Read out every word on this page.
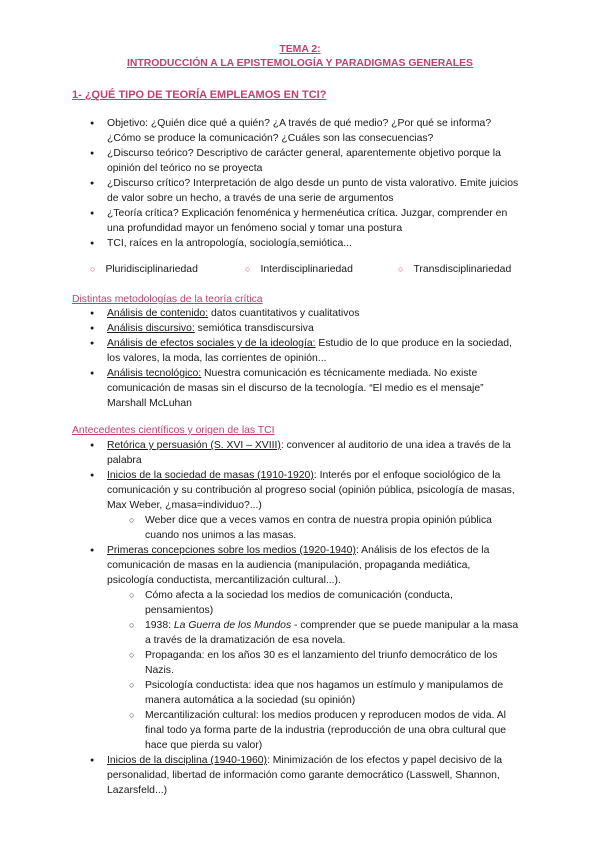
TEMA 2:
INTRODUCCIÓN A LA EPISTEMOLOGÍA Y PARADIGMAS GENERALES
1- ¿QUÉ TIPO DE TEORÍA EMPLEAMOS EN TCI?
● Objetivo: ¿Quién dice qué a quién? ¿A través de qué medio? ¿Por qué se informa? ¿Cómo se produce la comunicación? ¿Cuáles son las consecuencias?
● ¿Discurso teórico? Descriptivo de carácter general, aparentemente objetivo porque la opinión del teórico no se proyecta
● ¿Discurso crítico? Interpretación de algo desde un punto de vista valorativo. Emite juicios de valor sobre un hecho, a través de una serie de argumentos
● ¿Teoría crítica? Explicación fenoménica y hermenéutica crítica. Juzgar, comprender en una profundidad mayor un fenómeno social y tomar una postura
● TCI, raíces en la antropología, sociología,semiótica...
○ Pluridisciplinariedad	○ Interdisciplinariedad	○ Transdisciplinariedad
Distintas metodologías de la teoría crítica
● Análisis de contenido: datos cuantitativos y cualitativos
● Análisis discursivo: semiótica transdiscursiva
● Análisis de efectos sociales y de la ideología: Estudio de lo que produce en la sociedad, los valores, la moda, las corrientes de opinión...
● Análisis tecnológico: Nuestra comunicación es técnicamente mediada. No existe comunicación de masas sin el discurso de la tecnología. “El medio es el mensaje” Marshall McLuhan
Antecedentes científicos y origen de las TCI
● Retórica y persuasión (S. XVI – XVIII): convencer al auditorio de una idea a través de la palabra
● Inicios de la sociedad de masas (1910-1920): Interés por el enfoque sociológico de la comunicación y su contribución al progreso social (opinión pública, psicología de masas, Max Weber, ¿masa=individuo?...)
○ Weber dice que a veces vamos en contra de nuestra propia opinión pública cuando nos unimos a las masas.
● Primeras concepciones sobre los medios (1920-1940): Análisis de los efectos de la comunicación de masas en la audiencia (manipulación, propaganda mediática, psicología conductista, mercantilización cultural...).
○ Cómo afecta a la sociedad los medios de comunicación (conducta, pensamientos)
○ 1938: La Guerra de los Mundos - comprender que se puede manipular a la masa a través de la dramatización de esa novela.
○ Propaganda: en los años 30 es el lanzamiento del triunfo democrático de los Nazis.
○ Psicología conductista: idea que nos hagamos un estímulo y manipulamos de manera automática a la sociedad (su opinión)
○ Mercantilización cultural: los medios producen y reproducen modos de vida. Al final todo ya forma parte de la industria (reproducción de una obra cultural que hace que pierda su valor)
● Inicios de la disciplina (1940-1960): Minimización de los efectos y papel decisivo de la personalidad, libertad de información como garante democrático (Lasswell, Shannon, Lazarsfeld...)
